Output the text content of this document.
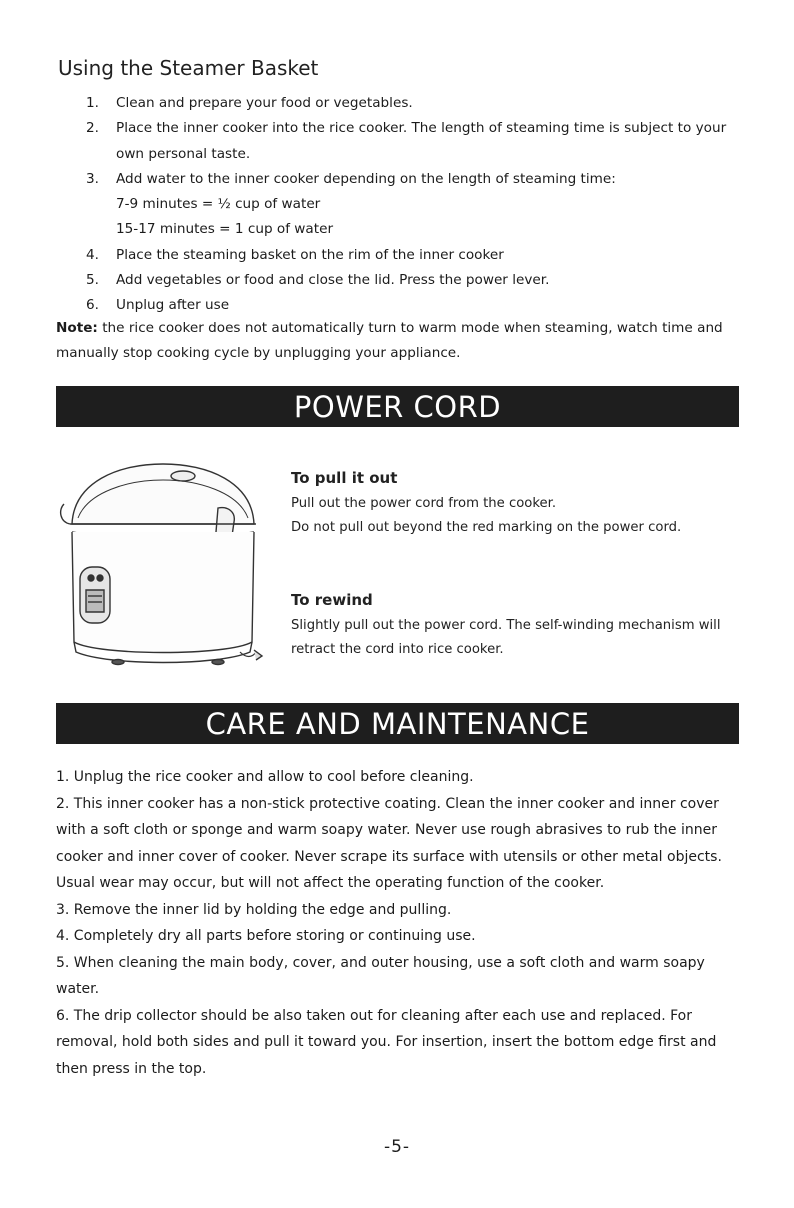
Using the Steamer Basket
1.	Clean and prepare your food or vegetables.
2.	Place the inner cooker into the rice cooker. The length of steaming time is subject to your own personal taste.
3.	Add water to the inner cooker depending on the length of steaming time:
7-9 minutes = ½ cup of water
15-17 minutes = 1 cup of water
4.	Place the steaming basket on the rim of the inner cooker
5.	Add vegetables or food and close the lid. Press the power lever.
6.	Unplug after use
Note: the rice cooker does not automatically turn to warm mode when steaming, watch time and manually stop cooking cycle by unplugging your appliance.
POWER CORD
To pull it out
Pull out the power cord from the cooker.
Do not pull out beyond the red marking on the power cord.
To rewind
Slightly pull out the power cord. The self-winding mechanism will retract the cord into rice cooker.
CARE AND MAINTENANCE
1. Unplug the rice cooker and allow to cool before cleaning.
2. This inner cooker has a non-stick protective coating. Clean the inner cooker and inner cover with a soft cloth or sponge and warm soapy water. Never use rough abrasives to rub the inner cooker and inner cover of cooker. Never scrape its surface with utensils or other metal objects. Usual wear may occur, but will not affect the operating function of the cooker.
3. Remove the inner lid by holding the edge and pulling.
4. Completely dry all parts before storing or continuing use.
5. When cleaning the main body, cover, and outer housing, use a soft cloth and warm soapy water.
6. The drip collector should be also taken out for cleaning after each use and replaced. For removal, hold both sides and pull it toward you. For insertion, insert the bottom edge first and then press in the top.
-5-
